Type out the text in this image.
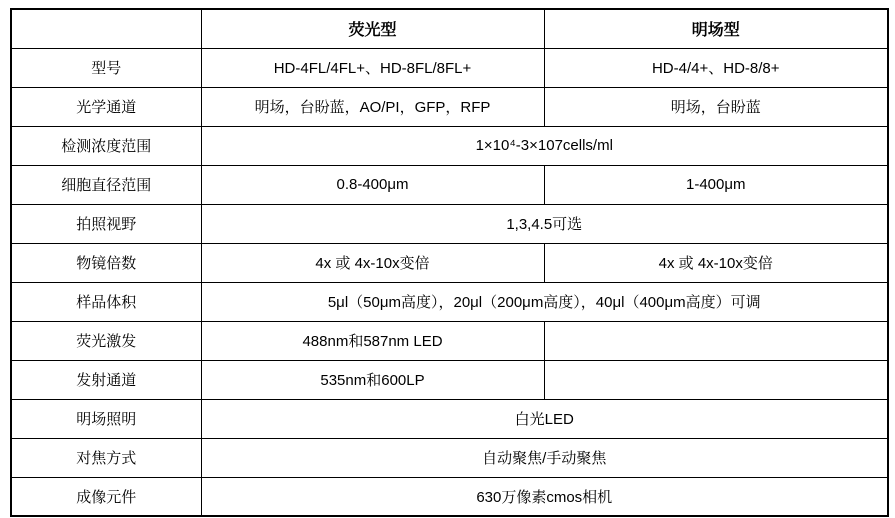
	荧光型	明场型
型号	HD-4FL/4FL+、HD-8FL/8FL+	HD-4/4+、HD-8/8+
光学通道	明场，台盼蓝，AO/PI，GFP，RFP	明场，台盼蓝
检测浓度范围	1×10⁴-3×107cells/ml	
细胞直径范围	0.8-400μm	1-400μm
拍照视野	1,3,4.5可选	
物镜倍数	4x 或 4x-10x变倍	4x 或 4x-10x变倍
样品体积	5μl（50μm高度），20μl（200μm高度），40μl（400μm高度）可调	
荧光激发	488nm和587nm LED	
发射通道	535nm和600LP	
明场照明	白光LED	
对焦方式	自动聚焦/手动聚焦	
成像元件	630万像素cmos相机	
